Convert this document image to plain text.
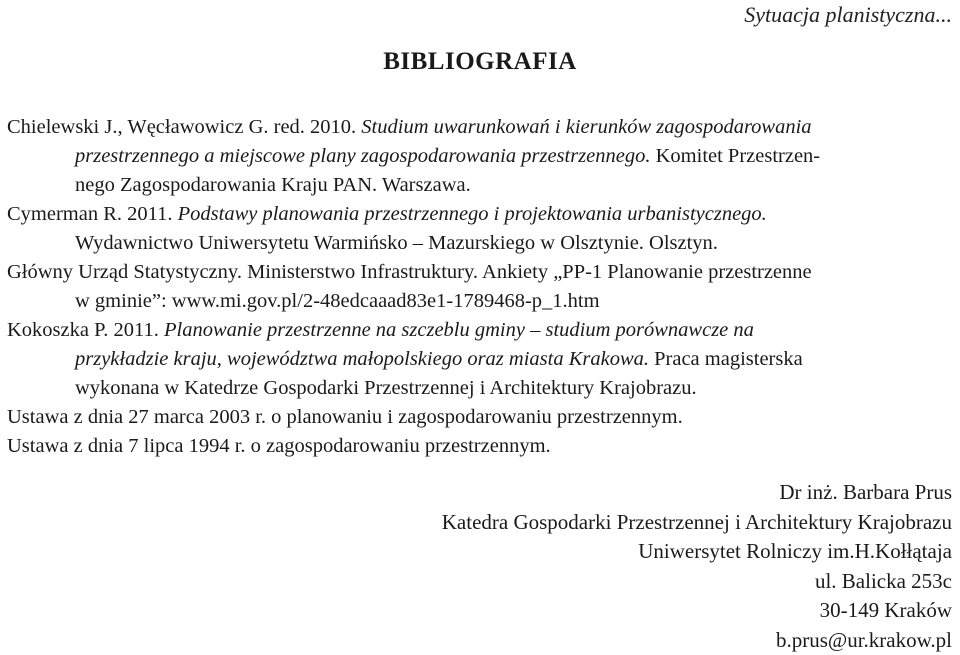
Sytuacja planistyczna...
BIBLIOGRAFIA
Chielewski J., Węcławowicz G. red. 2010. Studium uwarunkowań i kierunków zagospodarowania
przestrzennego a miejscowe plany zagospodarowania przestrzennego. Komitet Przestrzen-
nego Zagospodarowania Kraju PAN. Warszawa.
Cymerman R. 2011. Podstawy planowania przestrzennego i projektowania urbanistycznego.
Wydawnictwo Uniwersytetu Warmińsko – Mazurskiego w Olsztynie. Olsztyn.
Główny Urząd Statystyczny. Ministerstwo Infrastruktury. Ankiety „PP-1 Planowanie przestrzenne
w gminie”: www.mi.gov.pl/2-48edcaaad83e1-1789468-p_1.htm
Kokoszka P. 2011. Planowanie przestrzenne na szczeblu gminy – studium porównawcze na
przykładzie kraju, województwa małopolskiego oraz miasta Krakowa. Praca magisterska
wykonana w Katedrze Gospodarki Przestrzennej i Architektury Krajobrazu.
Ustawa z dnia 27 marca 2003 r. o planowaniu i zagospodarowaniu przestrzennym.
Ustawa z dnia 7 lipca 1994 r. o zagospodarowaniu przestrzennym.
Dr inż. Barbara Prus
Katedra Gospodarki Przestrzennej i Architektury Krajobrazu
Uniwersytet Rolniczy im.H.Kołłątaja
ul. Balicka 253c
30-149 Kraków
b.prus@ur.krakow.pl
